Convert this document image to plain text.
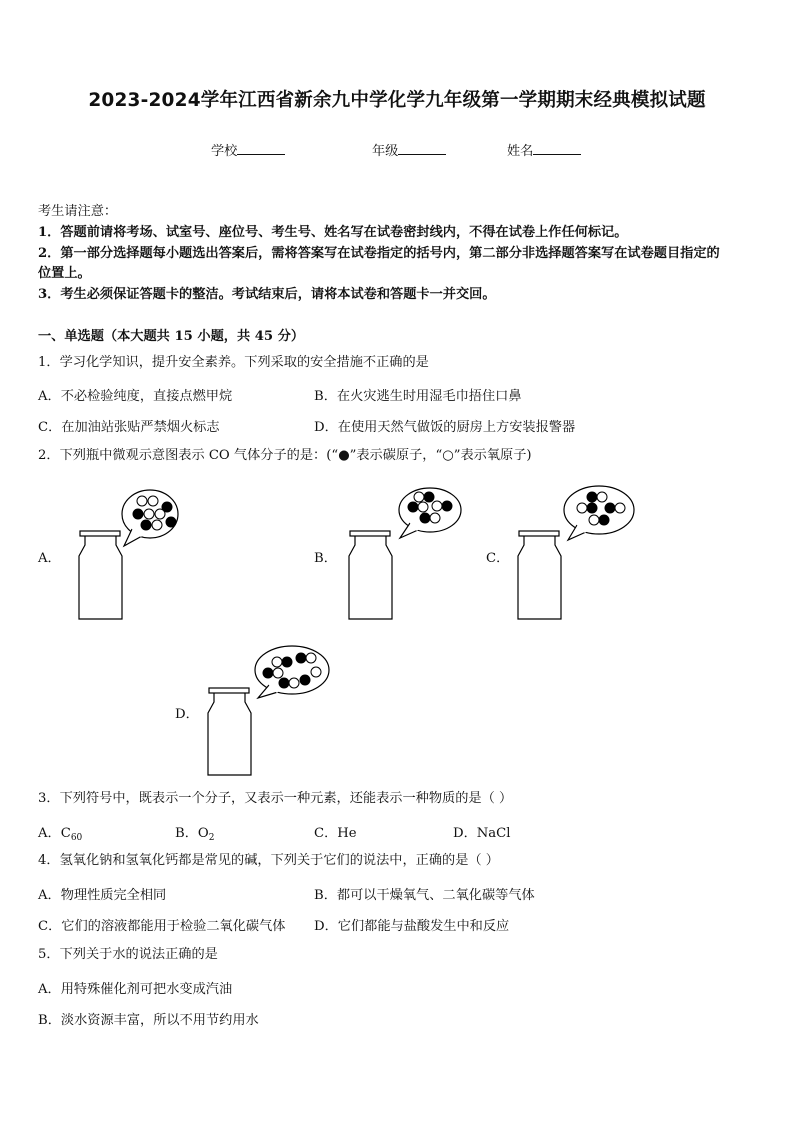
2023-2024学年江西省新余九中学化学九年级第一学期期末经典模拟试题
学校	年级	姓名
考生请注意：
1．答题前请将考场、试室号、座位号、考生号、姓名写在试卷密封线内，不得在试卷上作任何标记。
2．第一部分选择题每小题选出答案后，需将答案写在试卷指定的括号内，第二部分非选择题答案写在试卷题目指定的
位置上。
3．考生必须保证答题卡的整洁。考试结束后，请将本试卷和答题卡一并交回。
一、单选题（本大题共 15 小题，共 45 分）
1．学习化学知识，提升安全素养。下列采取的安全措施不正确的是
A．不必检验纯度，直接点燃甲烷	B．在火灾逃生时用湿毛巾捂住口鼻
C．在加油站张贴严禁烟火标志	D．在使用天然气做饭的厨房上方安装报警器
2．下列瓶中微观示意图表示 CO 气体分子的是：(“●”表示碳原子，“○”表示氧原子)
A．	B．	C．
D．
3．下列符号中，既表示一个分子，又表示一种元素，还能表示一种物质的是（ ）
A．$C_{60}$	B．$O_2$	C．He	D．NaCl
4．氢氧化钠和氢氧化钙都是常见的碱，下列关于它们的说法中，正确的是（ ）
A．物理性质完全相同	B．都可以干燥氧气、二氧化碳等气体
C．它们的溶液都能用于检验二氧化碳气体 D．它们都能与盐酸发生中和反应
5．下列关于水的说法正确的是
A．用特殊催化剂可把水变成汽油
B．淡水资源丰富，所以不用节约用水
